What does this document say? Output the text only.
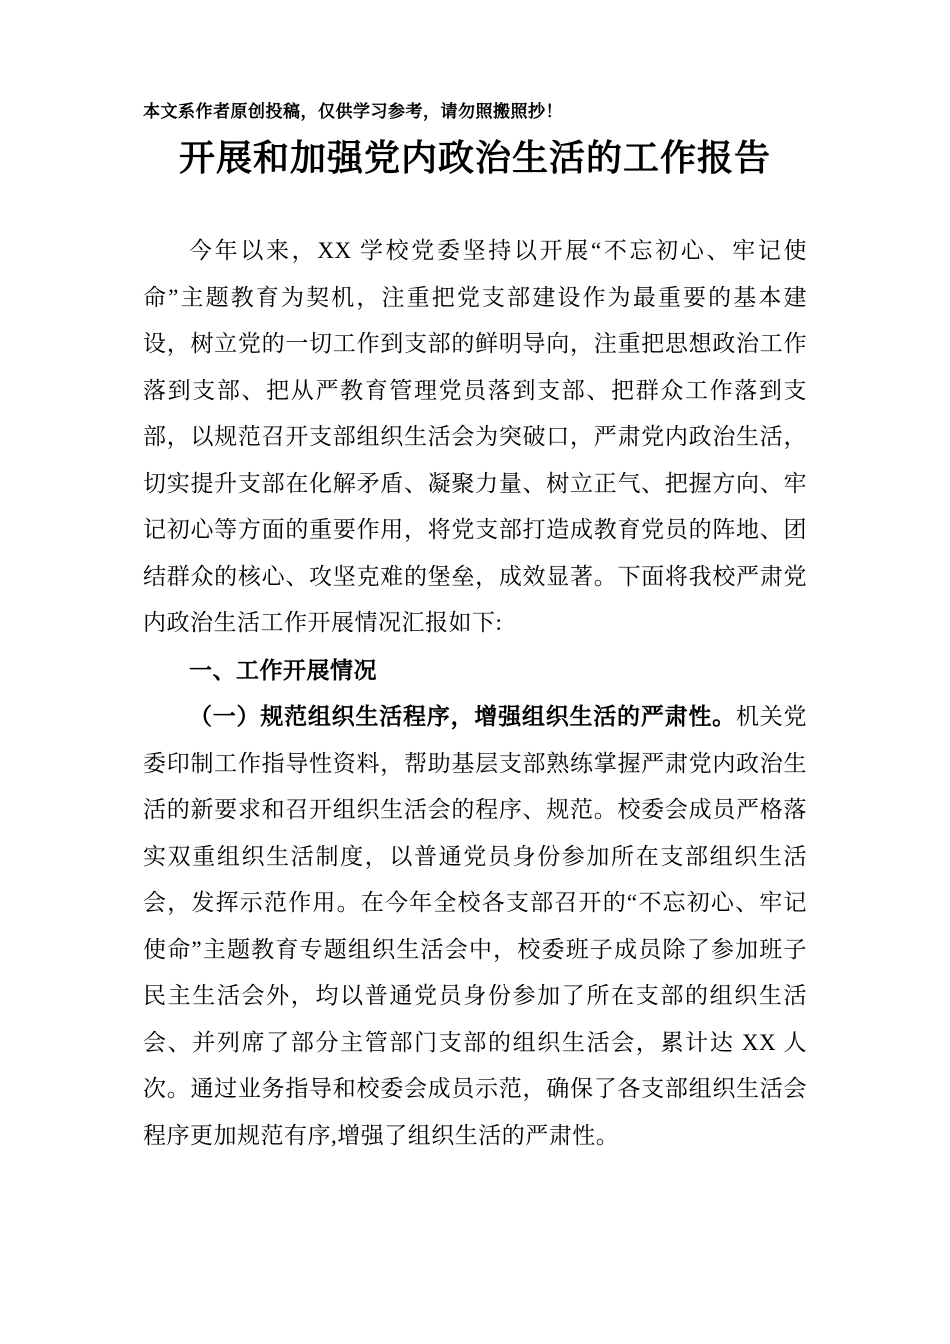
本文系作者原创投稿，仅供学习参考，请勿照搬照抄！

开展和加强党内政治生活的工作报告

今年以来，XX 学校党委坚持以开展“不忘初心、牢记使命”主题教育为契机，注重把党支部建设作为最重要的基本建设，树立党的一切工作到支部的鲜明导向，注重把思想政治工作落到支部、把从严教育管理党员落到支部、把群众工作落到支部，以规范召开支部组织生活会为突破口，严肃党内政治生活，切实提升支部在化解矛盾、凝聚力量、树立正气、把握方向、牢记初心等方面的重要作用，将党支部打造成教育党员的阵地、团结群众的核心、攻坚克难的堡垒，成效显著。下面将我校严肃党内政治生活工作开展情况汇报如下:

一、工作开展情况

（一）规范组织生活程序，增强组织生活的严肃性。机关党委印制工作指导性资料，帮助基层支部熟练掌握严肃党内政治生活的新要求和召开组织生活会的程序、规范。校委会成员严格落实双重组织生活制度，以普通党员身份参加所在支部组织生活会，发挥示范作用。在今年全校各支部召开的“不忘初心、牢记使命”主题教育专题组织生活会中，校委班子成员除了参加班子民主生活会外，均以普通党员身份参加了所在支部的组织生活会、并列席了部分主管部门支部的组织生活会，累计达 XX 人次。通过业务指导和校委会成员示范，确保了各支部组织生活会程序更加规范有序,增强了组织生活的严肃性。
